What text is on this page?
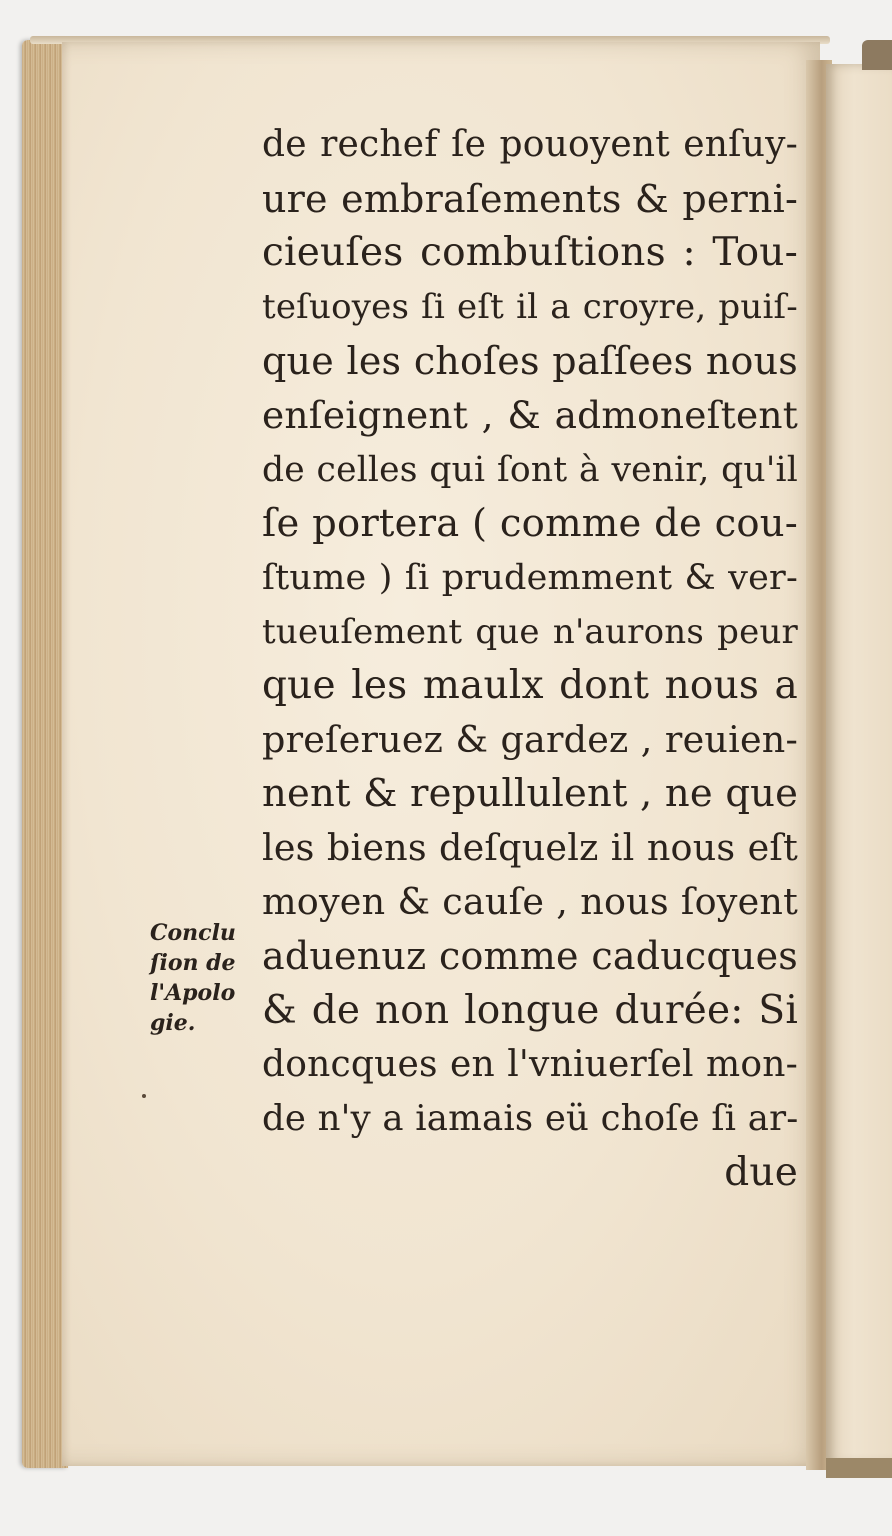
de rechef ſe pouoyent enſuy-
ure embraſements & perni-
cieuſes combuſtions : Tou-
teſuoyes ſi eſt il a croyre, puiſ-
que les choſes paſſees nous
enſeignent , & admoneſtent
de celles qui ſont à venir, qu'il
ſe portera ( comme de cou-
ſtume ) ſi prudemment & ver-
tueuſement que n'aurons peur
que les maulx dont nous a
preſeruez & gardez , reuien-
nent & repullulent , ne que
les biens deſquelz il nous eſt
moyen & cauſe , nous ſoyent
aduenuz comme caducques
& de non longue durée: Si
doncques en l'vniuerſel mon-
de n'y a iamais eü choſe ſi ar-
due
Conclu
ſion de
l'Apolo
gie.
